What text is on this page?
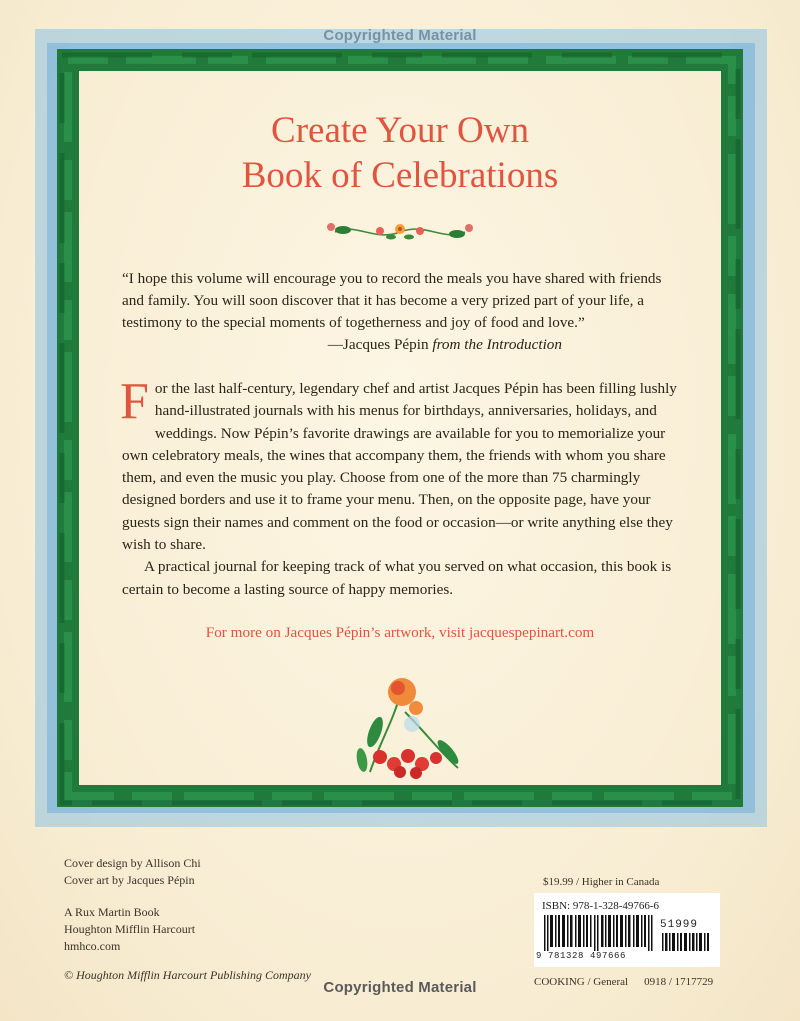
Copyrighted Material
Create Your Own
Book of Celebrations

“I hope this volume will encourage you to record the meals you have shared with friends and family. You will soon discover that it has become a very prized part of your life, a testimony to the special moments of togetherness and joy of food and love.”

—Jacques Pépin from the Introduction

For the last half-century, legendary chef and artist Jacques Pépin has been filling lushly hand-illustrated journals with his menus for birthdays, anniversaries, holidays, and weddings. Now Pépin’s favorite drawings are available for you to memorialize your own celebratory meals, the wines that accompany them, the friends with whom you share them, and even the music you play. Choose from one of the more than 75 charmingly designed borders and use it to frame your menu. Then, on the opposite page, have your guests sign their names and comment on the food or occasion—or write anything else they wish to share.

A practical journal for keeping track of what you served on what occasion, this book is certain to become a lasting source of happy memories.

For more on Jacques Pépin’s artwork, visit jacquespepinart.com
Cover design by Allison Chi
Cover art by Jacques Pépin
A Rux Martin Book
Houghton Mifflin Harcourt
hmhco.com
© Houghton Mifflin Harcourt Publishing Company
$19.99 / Higher in Canada
ISBN: 978-1-328-49766-6
51999
9 781328 497666
COOKING / General 0918 / 1717729
Copyrighted Material
